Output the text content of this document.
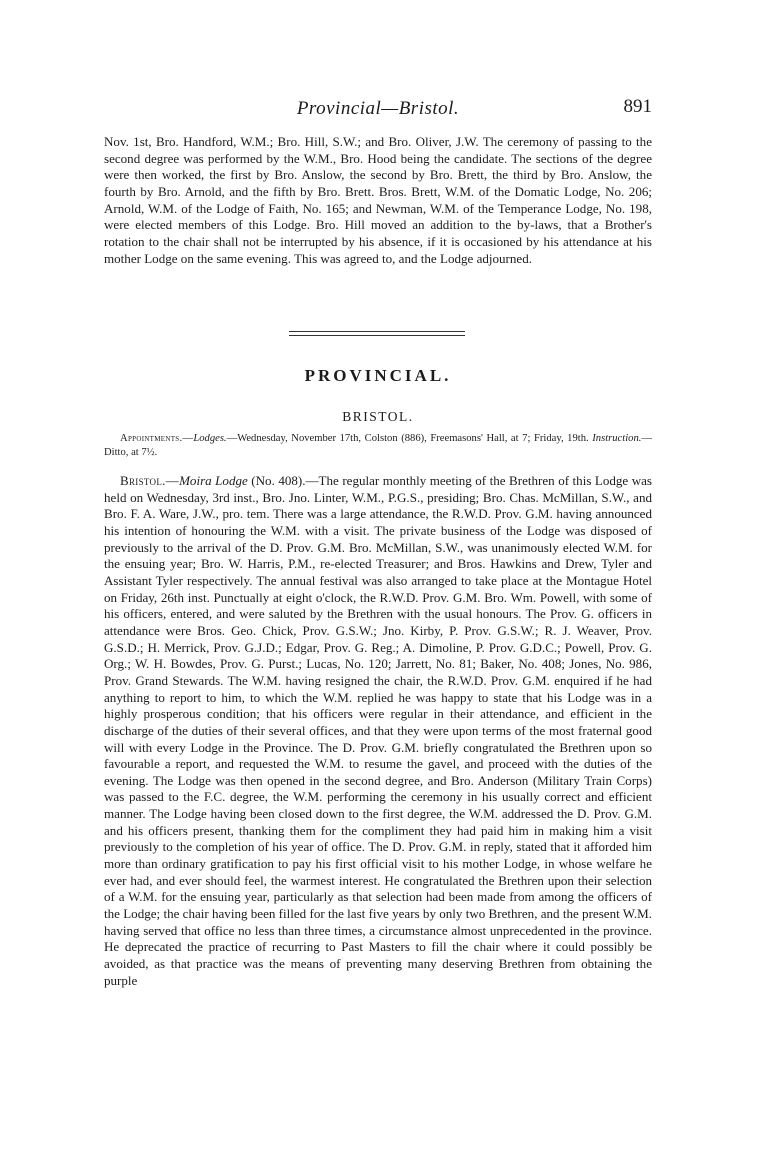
Provincial—Bristol.	891

Nov. 1st, Bro. Handford, W.M.; Bro. Hill, S.W.; and Bro. Oliver, J.W. The ceremony of passing to the second degree was performed by the W.M., Bro. Hood being the candidate. The sections of the degree were then worked, the first by Bro. Anslow, the second by Bro. Brett, the third by Bro. Anslow, the fourth by Bro. Arnold, and the fifth by Bro. Brett. Bros. Brett, W.M. of the Domatic Lodge, No. 206; Arnold, W.M. of the Lodge of Faith, No. 165; and Newman, W.M. of the Temperance Lodge, No. 198, were elected members of this Lodge. Bro. Hill moved an addition to the by-laws, that a Brother's rotation to the chair shall not be interrupted by his absence, if it is occasioned by his attendance at his mother Lodge on the same evening. This was agreed to, and the Lodge adjourned.

PROVINCIAL.
BRISTOL.

Appointments.—Lodges.—Wednesday, November 17th, Colston (886), Freemasons' Hall, at 7; Friday, 19th. Instruction.—Ditto, at 7½.

Bristol.—Moira Lodge (No. 408).—The regular monthly meeting of the Brethren of this Lodge was held on Wednesday, 3rd inst., Bro. Jno. Linter, W.M., P.G.S., presiding; Bro. Chas. McMillan, S.W., and Bro. F. A. Ware, J.W., pro. tem. There was a large attendance, the R.W.D. Prov. G.M. having announced his intention of honouring the W.M. with a visit. The private business of the Lodge was disposed of previously to the arrival of the D. Prov. G.M. Bro. McMillan, S.W., was unanimously elected W.M. for the ensuing year; Bro. W. Harris, P.M., re-elected Treasurer; and Bros. Hawkins and Drew, Tyler and Assistant Tyler respectively. The annual festival was also arranged to take place at the Montague Hotel on Friday, 26th inst. Punctually at eight o'clock, the R.W.D. Prov. G.M. Bro. Wm. Powell, with some of his officers, entered, and were saluted by the Brethren with the usual honours. The Prov. G. officers in attendance were Bros. Geo. Chick, Prov. G.S.W.; Jno. Kirby, P. Prov. G.S.W.; R. J. Weaver, Prov. G.S.D.; H. Merrick, Prov. G.J.D.; Edgar, Prov. G. Reg.; A. Dimoline, P. Prov. G.D.C.; Powell, Prov. G. Org.; W. H. Bowdes, Prov. G. Purst.; Lucas, No. 120; Jarrett, No. 81; Baker, No. 408; Jones, No. 986, Prov. Grand Stewards. The W.M. having resigned the chair, the R.W.D. Prov. G.M. enquired if he had anything to report to him, to which the W.M. replied he was happy to state that his Lodge was in a highly prosperous condition; that his officers were regular in their attendance, and efficient in the discharge of the duties of their several offices, and that they were upon terms of the most fraternal good will with every Lodge in the Province. The D. Prov. G.M. briefly congratulated the Brethren upon so favourable a report, and requested the W.M. to resume the gavel, and proceed with the duties of the evening. The Lodge was then opened in the second degree, and Bro. Anderson (Military Train Corps) was passed to the F.C. degree, the W.M. performing the ceremony in his usually correct and efficient manner. The Lodge having been closed down to the first degree, the W.M. addressed the D. Prov. G.M. and his officers present, thanking them for the compliment they had paid him in making him a visit previously to the completion of his year of office. The D. Prov. G.M. in reply, stated that it afforded him more than ordinary gratification to pay his first official visit to his mother Lodge, in whose welfare he ever had, and ever should feel, the warmest interest. He congratulated the Brethren upon their selection of a W.M. for the ensuing year, particularly as that selection had been made from among the officers of the Lodge; the chair having been filled for the last five years by only two Brethren, and the present W.M. having served that office no less than three times, a circumstance almost unprecedented in the province. He deprecated the practice of recurring to Past Masters to fill the chair where it could possibly be avoided, as that practice was the means of preventing many deserving Brethren from obtaining the purple
